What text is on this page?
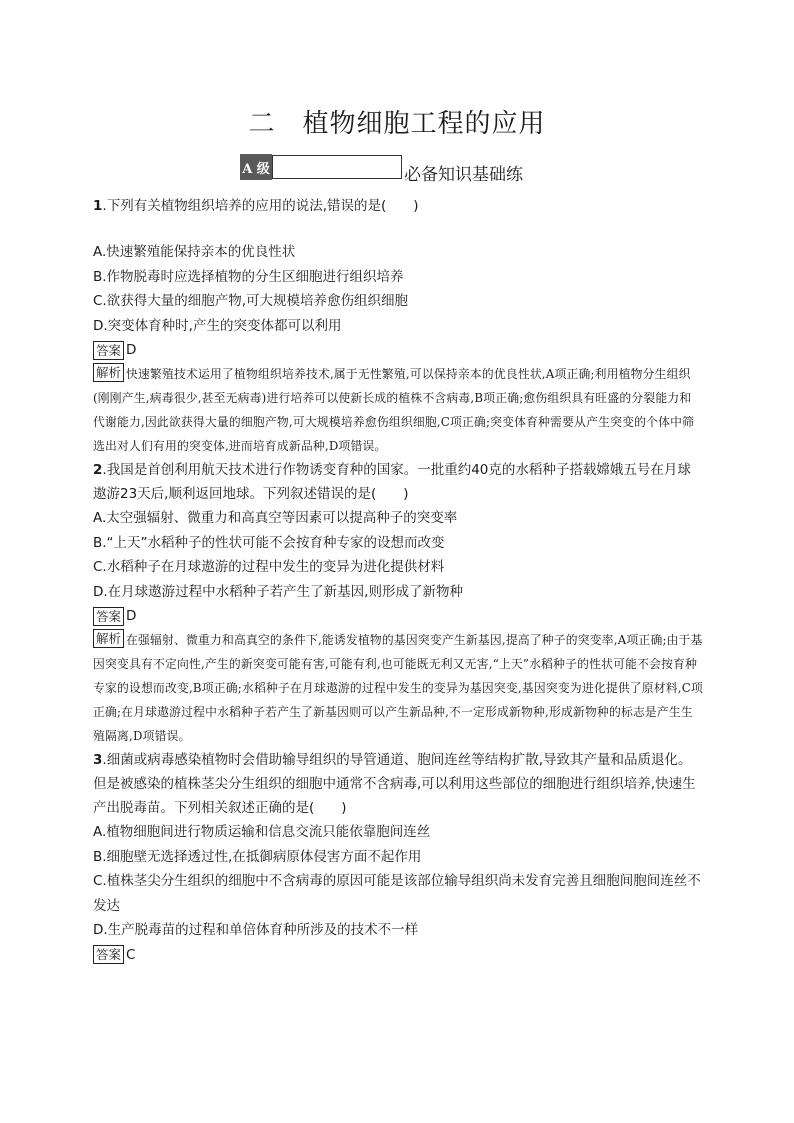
二　植物细胞工程的应用
A 级	必备知识基础练

1.下列有关植物组织培养的应用的说法,错误的是(　　)

A.快速繁殖能保持亲本的优良性状

B.作物脱毒时应选择植物的分生区细胞进行组织培养

C.欲获得大量的细胞产物,可大规模培养愈伤组织细胞

D.突变体育种时,产生的突变体都可以利用

答案 D

解析 快速繁殖技术运用了植物组织培养技术,属于无性繁殖,可以保持亲本的优良性状,A项正确;利用植物分生组织(刚刚产生,病毒很少,甚至无病毒)进行培养可以使新长成的植株不含病毒,B项正确;愈伤组织具有旺盛的分裂能力和代谢能力,因此欲获得大量的细胞产物,可大规模培养愈伤组织细胞,C项正确;突变体育种需要从产生突变的个体中筛选出对人们有用的突变体,进而培育成新品种,D项错误。

2.我国是首创利用航天技术进行作物诱变育种的国家。一批重约40克的水稻种子搭载嫦娥五号在月球遨游23天后,顺利返回地球。下列叙述错误的是(　　)

A.太空强辐射、微重力和高真空等因素可以提高种子的突变率

B.“上天”水稻种子的性状可能不会按育种专家的设想而改变

C.水稻种子在月球遨游的过程中发生的变异为进化提供材料

D.在月球遨游过程中水稻种子若产生了新基因,则形成了新物种

答案 D

解析 在强辐射、微重力和高真空的条件下,能诱发植物的基因突变产生新基因,提高了种子的突变率,A项正确;由于基因突变具有不定向性,产生的新突变可能有害,可能有利,也可能既无利又无害,“上天”水稻种子的性状可能不会按育种专家的设想而改变,B项正确;水稻种子在月球遨游的过程中发生的变异为基因突变,基因突变为进化提供了原材料,C项正确;在月球遨游过程中水稻种子若产生了新基因则可以产生新品种,不一定形成新物种,形成新物种的标志是产生生殖隔离,D项错误。

3.细菌或病毒感染植物时会借助输导组织的导管通道、胞间连丝等结构扩散,导致其产量和品质退化。但是被感染的植株茎尖分生组织的细胞中通常不含病毒,可以利用这些部位的细胞进行组织培养,快速生产出脱毒苗。下列相关叙述正确的是(　　)

A.植物细胞间进行物质运输和信息交流只能依靠胞间连丝

B.细胞壁无选择透过性,在抵御病原体侵害方面不起作用

C.植株茎尖分生组织的细胞中不含病毒的原因可能是该部位输导组织尚未发育完善且细胞间胞间连丝不发达

D.生产脱毒苗的过程和单倍体育种所涉及的技术不一样

答案 C
